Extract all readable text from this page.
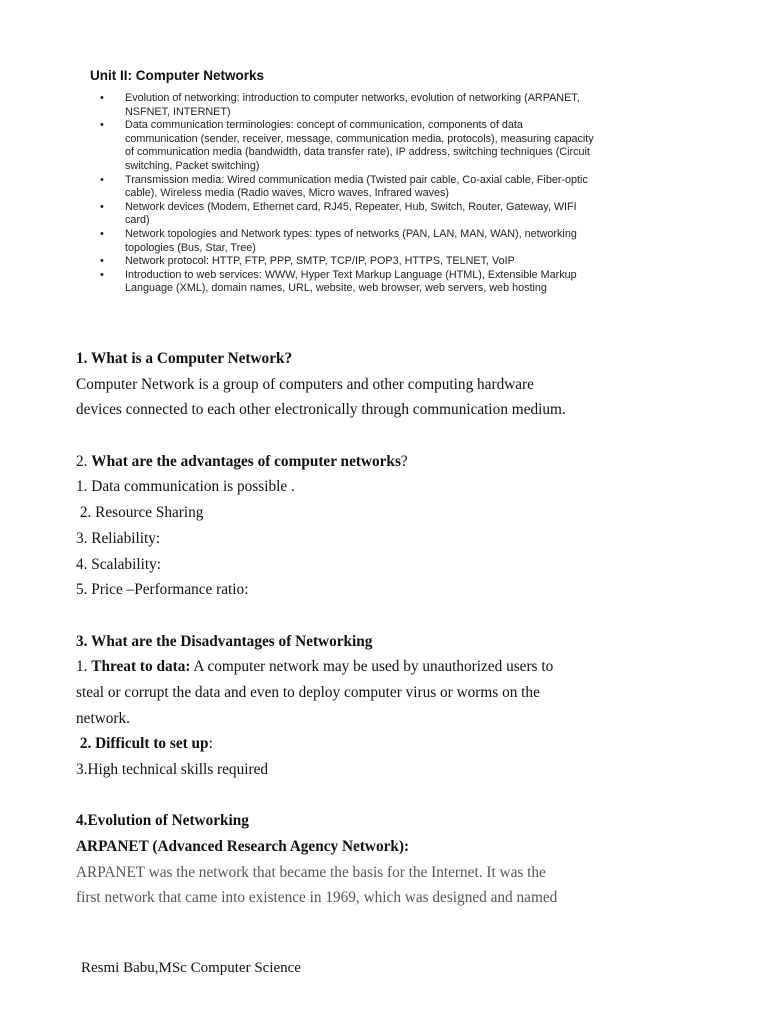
Unit II: Computer Networks
• Evolution of networking: introduction to computer networks, evolution of networking (ARPANET,
NSFNET, INTERNET)
• Data communication terminologies: concept of communication, components of data
communication (sender, receiver, message, communication media, protocols), measuring capacity
of communication media (bandwidth, data transfer rate), IP address, switching techniques (Circuit
switching, Packet switching)
• Transmission media: Wired communication media (Twisted pair cable, Co-axial cable, Fiber-optic
cable), Wireless media (Radio waves, Micro waves, Infrared waves)
• Network devices (Modem, Ethernet card, RJ45, Repeater, Hub, Switch, Router, Gateway, WIFI
card)
• Network topologies and Network types: types of networks (PAN, LAN, MAN, WAN), networking
topologies (Bus, Star, Tree)
• Network protocol: HTTP, FTP, PPP, SMTP, TCP/IP, POP3, HTTPS, TELNET, VoIP
• Introduction to web services: WWW, Hyper Text Markup Language (HTML), Extensible Markup
Language (XML), domain names, URL, website, web browser, web servers, web hosting
1. What is a Computer Network?
Computer Network is a group of computers and other computing hardware
devices connected to each other electronically through communication medium.
2. What are the advantages of computer networks?
1. Data communication is possible .
2. Resource Sharing
3. Reliability:
4. Scalability:
5. Price –Performance ratio:
3. What are the Disadvantages of Networking
1. Threat to data: A computer network may be used by unauthorized users to
steal or corrupt the data and even to deploy computer virus or worms on the
network.
2. Difficult to set up:
3.High technical skills required
4.Evolution of Networking
ARPANET (Advanced Research Agency Network):
ARPANET was the network that became the basis for the Internet. It was the
first network that came into existence in 1969, which was designed and named
Resmi Babu,MSc Computer Science
